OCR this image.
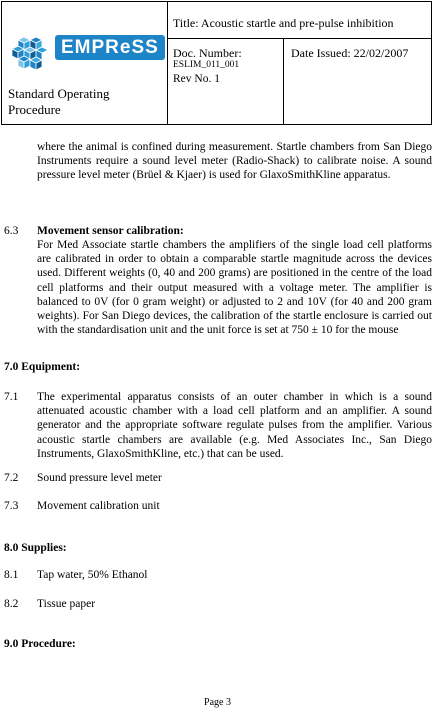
EMPReSS
Standard Operating
Procedure
Title: Acoustic startle and pre-pulse inhibition
Doc. Number:
ESLIM_011_001
Rev No. 1
Date Issued: 22/02/2007

where the animal is confined during measurement. Startle chambers from San Diego Instruments require a sound level meter (Radio-Shack) to calibrate noise. A sound pressure level meter (Brüel & Kjaer) is used for GlaxoSmithKline apparatus.

6.3 Movement sensor calibration:

For Med Associate startle chambers the amplifiers of the single load cell platforms are calibrated in order to obtain a comparable startle magnitude across the devices used. Different weights (0, 40 and 200 grams) are positioned in the centre of the load cell platforms and their output measured with a voltage meter. The amplifier is balanced to 0V (for 0 gram weight) or adjusted to 2 and 10V (for 40 and 200 gram weights). For San Diego devices, the calibration of the startle enclosure is carried out with the standardisation unit and the unit force is set at 750 ± 10 for the mouse

7.0 Equipment:
7.1 The experimental apparatus consists of an outer chamber in which is a sound attenuated acoustic chamber with a load cell platform and an amplifier. A sound generator and the appropriate software regulate pulses from the amplifier. Various acoustic startle chambers are available (e.g. Med Associates Inc., San Diego Instruments, GlaxoSmithKline, etc.) that can be used.

7.2 Sound pressure level meter
7.3 Movement calibration unit
8.0 Supplies:
8.1 Tap water, 50% Ethanol
8.2 Tissue paper
9.0 Procedure:
Page 3
